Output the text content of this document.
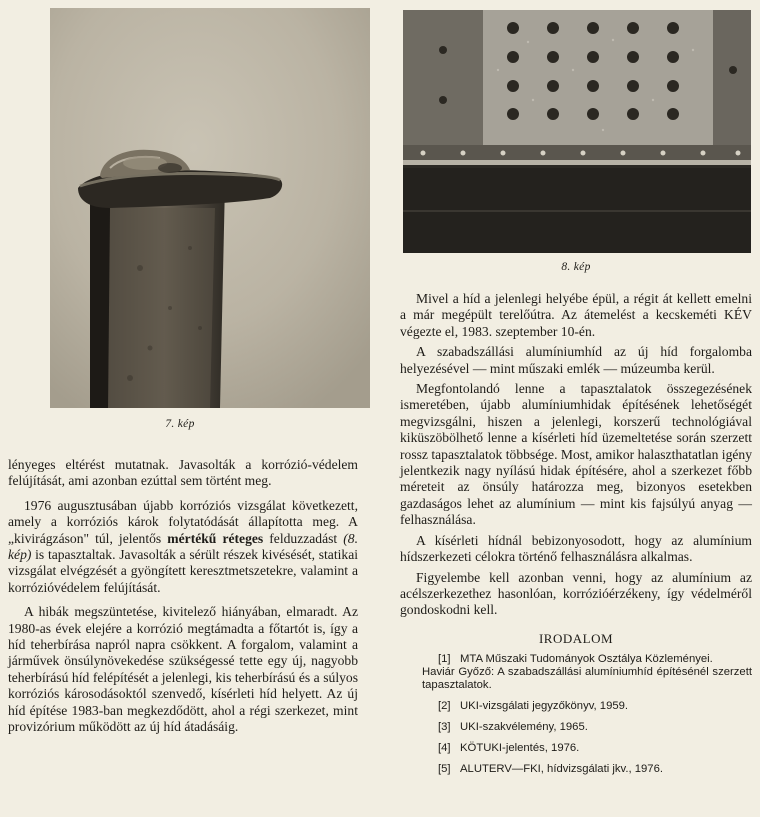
7. kép
8. kép

lényeges eltérést mutatnak. Javasolták a korrózió-védelem felújítását, ami azonban ezúttal sem történt meg.

1976 augusztusában újabb korróziós vizsgálat következett, amely a korróziós károk folytatódását állapította meg. A „kivirágzáson" túl, jelentős mértékű réteges felduzzadást (8. kép) is tapasztaltak. Javasolták a sérült részek kivésését, statikai vizsgálat elvégzését a gyöngített keresztmetszetekre, valamint a korrózióvédelem felújítását.

A hibák megszüntetése, kivitelező hiányában, elmaradt. Az 1980-as évek elejére a korrózió megtámadta a főtartót is, így a híd teherbírása napról napra csökkent. A forgalom, valamint a járművek önsúlynövekedése szükségessé tette egy új, nagyobb teherbírású híd felépítését a jelenlegi, kis teherbírású és a súlyos korróziós károsodásoktól szenvedő, kísérleti híd helyett. Az új híd építése 1983-ban megkezdődött, ahol a régi szerkezet, mint provizórium működött az új híd átadásáig.

Mivel a híd a jelenlegi helyébe épül, a régit át kellett emelni a már megépült terelőútra. Az átemelést a kecskeméti KÉV végezte el, 1983. szeptember 10-én.

A szabadszállási alumíniumhíd az új híd forgalomba helyezésével — mint műszaki emlék — múzeumba kerül.

Megfontolandó lenne a tapasztalatok összegezésének ismeretében, újabb alumíniumhidak építésének lehetőségét megvizsgálni, hiszen a jelenlegi, korszerű technológiával kiküszöbölhető lenne a kísérleti híd üzemeltetése során szerzett rossz tapasztalatok többsége. Most, amikor halaszthatatlan igény jelentkezik nagy nyílású hidak építésére, ahol a szerkezet főbb méreteit az önsúly határozza meg, bizonyos esetekben gazdaságos lehet az alumínium — mint kis fajsúlyú anyag — felhasználása.

A kísérleti hídnál bebizonyosodott, hogy az alumínium hídszerkezeti célokra történő felhasználásra alkalmas.

Figyelembe kell azonban venni, hogy az alumínium az acélszerkezethez hasonlóan, korrózióérzékeny, így védelméről gondoskodni kell.

IRODALOM

[1] MTA Műszaki Tudományok Osztálya Közleményei.
Haviár Győző: A szabadszállási alumíniumhíd építésénél szerzett tapasztalatok.

[2] UKI-vizsgálati jegyzőkönyv, 1959.

[3] UKI-szakvélemény, 1965.

[4] KÖTUKI-jelentés, 1976.

[5] ALUTERV—FKI, hídvizsgálati jkv., 1976.
